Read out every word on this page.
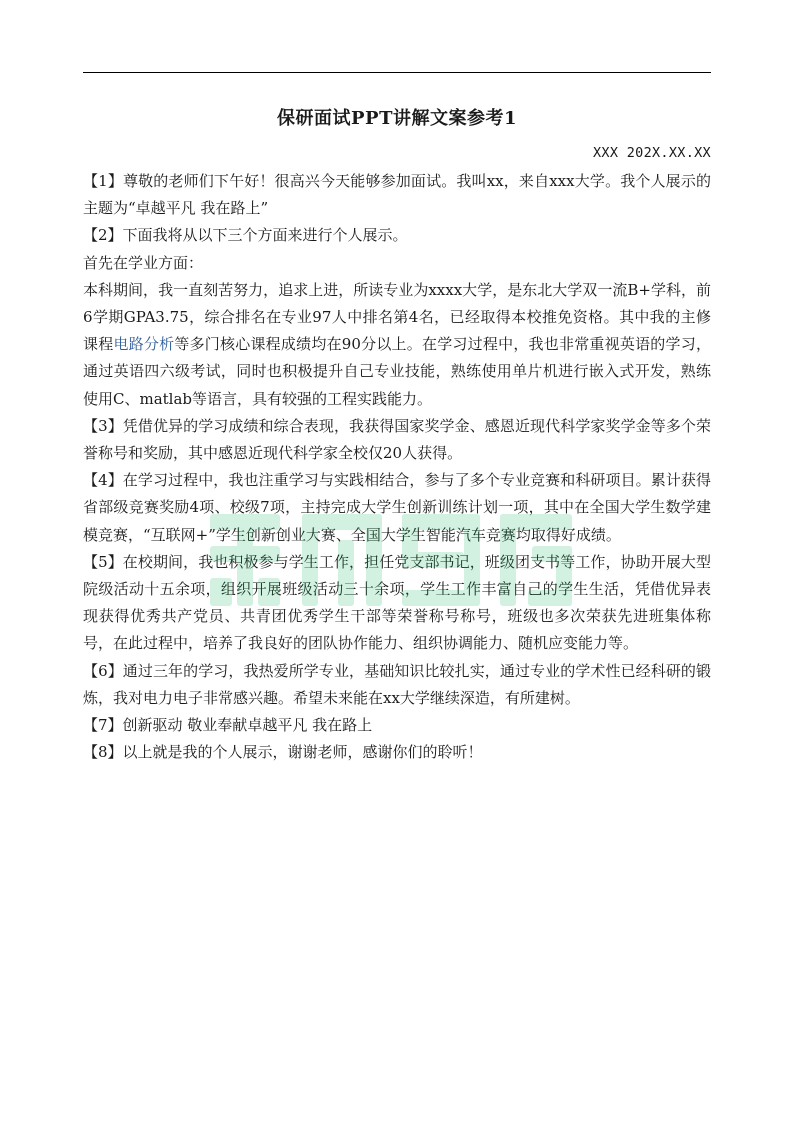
保研面试PPT讲解文案参考1
XXX 202X.XX.XX

【1】尊敬的老师们下午好！很高兴今天能够参加面试。我叫xx，来自xxx大学。我个人展示的主题为“卓越平凡 我在路上”

【2】下面我将从以下三个方面来进行个人展示。

首先在学业方面：

本科期间，我一直刻苦努力，追求上进，所读专业为xxxx大学，是东北大学双一流B+学科，前6学期GPA3.75，综合排名在专业97人中排名第4名，已经取得本校推免资格。其中我的主修课程电路分析等多门核心课程成绩均在90分以上。在学习过程中，我也非常重视英语的学习，通过英语四六级考试，同时也积极提升自己专业技能，熟练使用单片机进行嵌入式开发，熟练使用C、matlab等语言，具有较强的工程实践能力。

【3】凭借优异的学习成绩和综合表现，我获得国家奖学金、感恩近现代科学家奖学金等多个荣誉称号和奖励，其中感恩近现代科学家全校仅20人获得。

【4】在学习过程中，我也注重学习与实践相结合，参与了多个专业竞赛和科研项目。累计获得省部级竞赛奖励4项、校级7项，主持完成大学生创新训练计划一项，其中在全国大学生数学建模竞赛，“互联网+”学生创新创业大赛、全国大学生智能汽车竞赛均取得好成绩。

【5】在校期间，我也积极参与学生工作，担任党支部书记，班级团支书等工作，协助开展大型院级活动十五余项，组织开展班级活动三十余项，学生工作丰富自己的学生生活，凭借优异表现获得优秀共产党员、共青团优秀学生干部等荣誉称号称号，班级也多次荣获先进班集体称号，在此过程中，培养了我良好的团队协作能力、组织协调能力、随机应变能力等。

【6】通过三年的学习，我热爱所学专业，基础知识比较扎实，通过专业的学术性已经科研的锻炼，我对电力电子非常感兴趣。希望未来能在xx大学继续深造，有所建树。

【7】创新驱动 敬业奉献卓越平凡 我在路上

【8】以上就是我的个人展示，谢谢老师，感谢你们的聆听！
